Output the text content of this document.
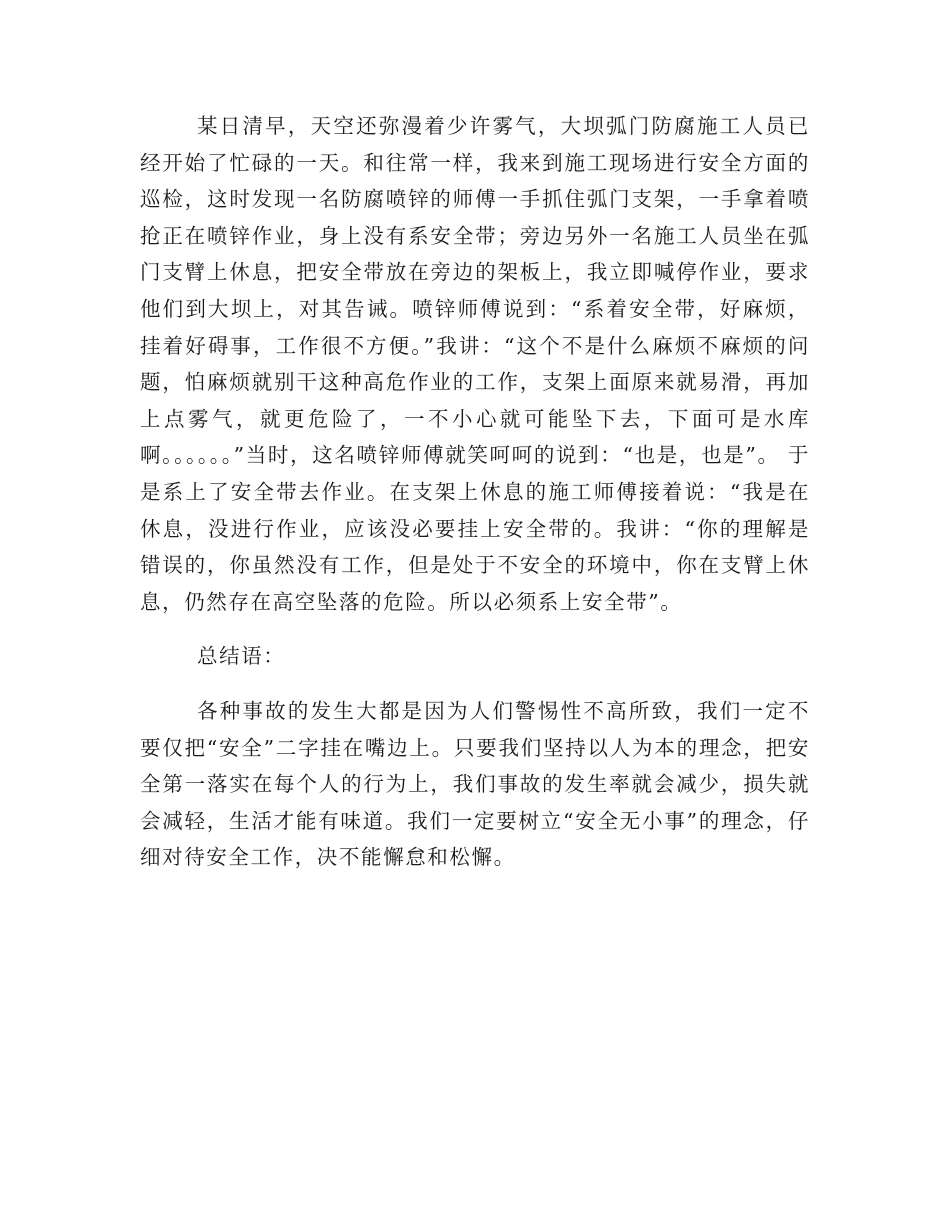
某日清早，天空还弥漫着少许雾气，大坝弧门防腐施工人员已经开始了忙碌的一天。和往常一样，我来到施工现场进行安全方面的巡检，这时发现一名防腐喷锌的师傅一手抓住弧门支架，一手拿着喷抢正在喷锌作业，身上没有系安全带；旁边另外一名施工人员坐在弧门支臂上休息，把安全带放在旁边的架板上，我立即喊停作业，要求他们到大坝上，对其告诫。喷锌师傅说到：“系着安全带，好麻烦，挂着好碍事，工作很不方便。”我讲：“这个不是什么麻烦不麻烦的问题，怕麻烦就别干这种高危作业的工作，支架上面原来就易滑，再加上点雾气，就更危险了，一不小心就可能坠下去，下面可是水库啊。。。。。。”当时，这名喷锌师傅就笑呵呵的说到：“也是，也是”。 于是系上了安全带去作业。在支架上休息的施工师傅接着说：“我是在休息，没进行作业，应该没必要挂上安全带的。我讲：“你的理解是错误的，你虽然没有工作，但是处于不安全的环境中，你在支臂上休息，仍然存在高空坠落的危险。所以必须系上安全带”。

总结语：

各种事故的发生大都是因为人们警惕性不高所致，我们一定不要仅把“安全”二字挂在嘴边上。只要我们坚持以人为本的理念，把安全第一落实在每个人的行为上，我们事故的发生率就会减少，损失就会减轻，生活才能有味道。我们一定要树立“安全无小事”的理念，仔细对待安全工作，决不能懈怠和松懈。
